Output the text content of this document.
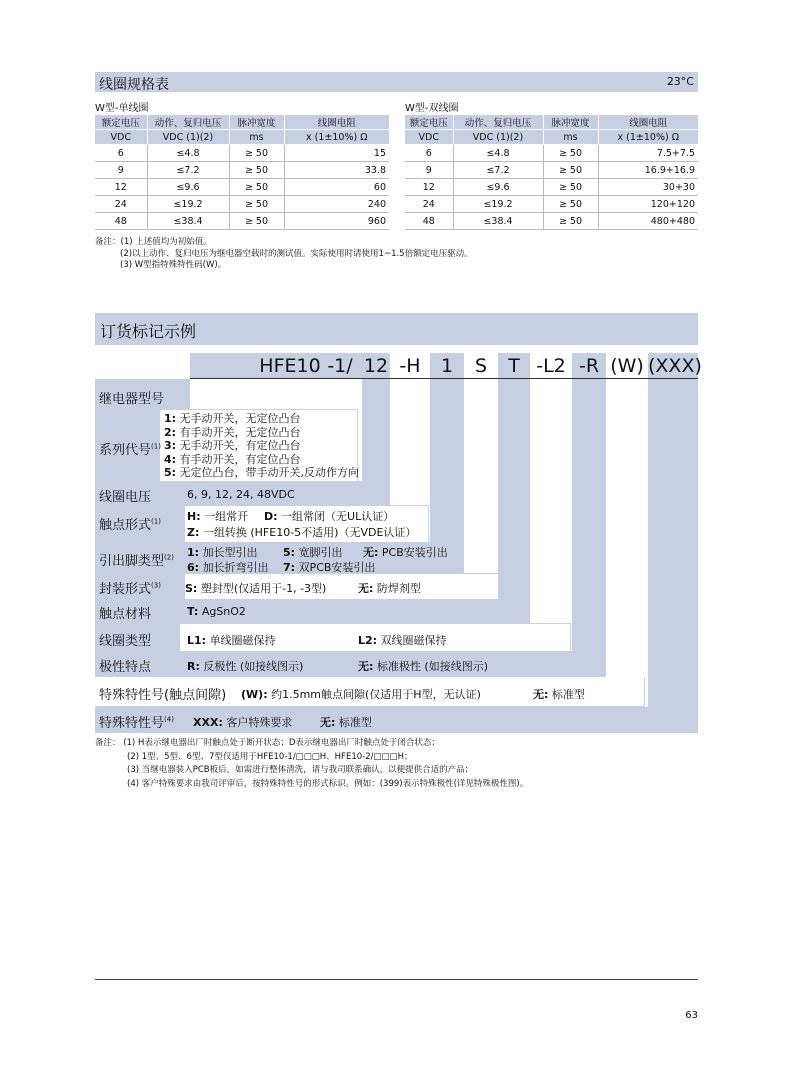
线圈规格表	23°C
W型-单线圈	W型-双线圈
额定电压	动作、复归电压	脉冲宽度	线圈电阻
VDC	VDC (1)(2)	ms	x (1±10%) Ω
6	≤4.8	≥ 50	15
9	≤7.2	≥ 50	33.8
12	≤9.6	≥ 50	60
24	≤19.2	≥ 50	240
48	≤38.4	≥ 50	960
额定电压	动作、复归电压	脉冲宽度	线圈电阻
VDC	VDC (1)(2)	ms	x (1±10%) Ω
6	≤4.8	≥ 50	7.5+7.5
9	≤7.2	≥ 50	16.9+16.9
12	≤9.6	≥ 50	30+30
24	≤19.2	≥ 50	120+120
48	≤38.4	≥ 50	480+480
备注：(1) 上述值均为初始值。
(2)以上动作、复归电压为继电器空载时的测试值。实际使用时请使用1~1.5倍额定电压驱动。
(3) W型指特殊特性码(W)。
订货标记示例
HFE10 -1/ 12 -H	1	S	T -L2 -R (W) (XXX)
继电器型号
系列代号$^{(1)}$
1: 无手动开关，无定位凸台
2: 有手动开关，无定位凸台
3: 无手动开关，有定位凸台
4: 有手动开关，有定位凸台
5: 无定位凸台，带手动开关,反动作方向
线圈电压	6, 9, 12, 24, 48VDC
触点形式$^{(1)}$ H: 一组常开 D: 一组常闭（无UL认证）
Z: 一组转换 (HFE10-5不适用)（无VDE认证）
引出脚类型$^{(2)}$ 1: 加长型引出 5: 宽脚引出 无: PCB安装引出
6: 加长折弯引出 7: 双PCB安装引出
封装形式$^{(3)}$ S: 塑封型(仅适用于-1, -3型)	无: 防焊剂型
触点材料	T: AgSnO2
线圈类型	L1: 单线圈磁保持	L2: 双线圈磁保持
极性特点	R: 反极性 (如接线图示)	无: 标准极性 (如接线图示)
特殊特性号(触点间隙) (W): 约1.5mm触点间隙(仅适用于H型，无认证)	无: 标准型
特殊特性号$^{(4)}$ XXX: 客户特殊要求	无: 标准型
备注： (1) H表示继电器出厂时触点处于断开状态；D表示继电器出厂时触点处于闭合状态；
(2) 1型、5型、6型、7型仅适用于HFE10-1/□□□H、HFE10-2/□□□H；
(3) 当继电器装入PCB板后，如需进行整体清洗，请与我司联系确认，以便提供合适的产品；
(4) 客户特殊要求由我司评审后，按特殊特性号的形式标识。例如：(399)表示特殊极性(详见特殊极性图)。
63
